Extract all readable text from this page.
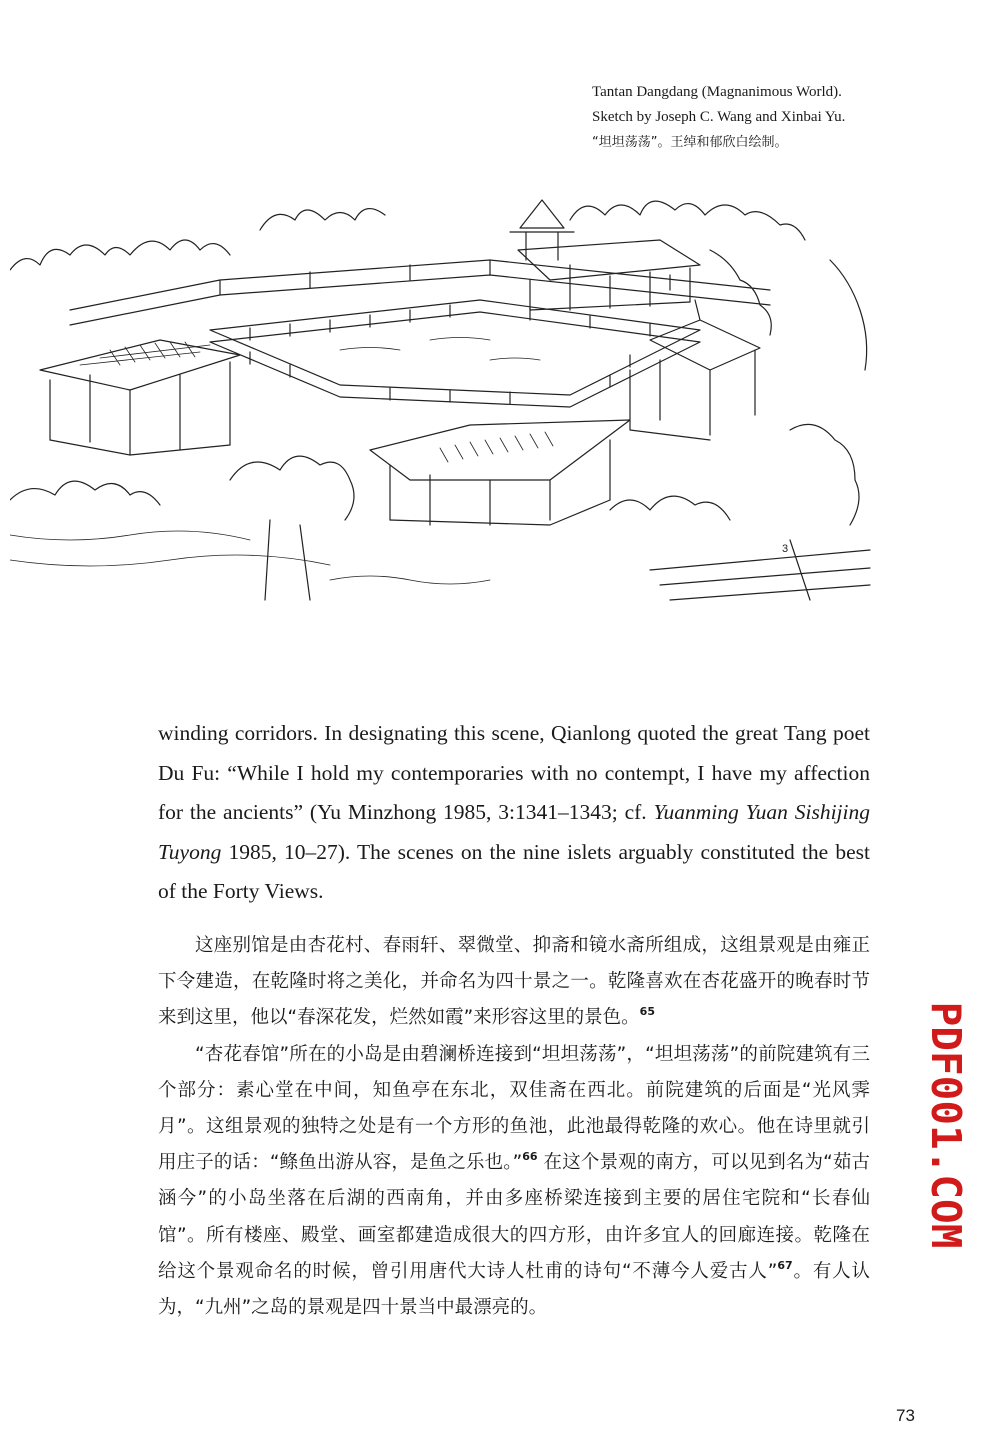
Tantan Dangdang (Magnanimous World).
Sketch by Joseph C. Wang and Xinbai Yu.
“坦坦荡荡”。王绰和郁欣白绘制。
3

winding corridors. In designating this scene, Qianlong quoted the great Tang poet Du Fu: “While I hold my contemporaries with no contempt, I have my affection for the ancients” (Yu Minzhong 1985, 3:1341–1343; cf. Yuanming Yuan Sishijing Tuyong 1985, 10–27). The scenes on the nine islets arguably constituted the best of the Forty Views.

这座别馆是由杏花村、春雨轩、翠微堂、抑斋和镜水斋所组成，这组景观是由雍正下令建造，在乾隆时将之美化，并命名为四十景之一。乾隆喜欢在杏花盛开的晚春时节来到这里，他以“春深花发，烂然如霞”来形容这里的景色。$^{65}$

“杏花春馆”所在的小岛是由碧澜桥连接到“坦坦荡荡”，“坦坦荡荡”的前院建筑有三个部分：素心堂在中间，知鱼亭在东北，双佳斋在西北。前院建筑的后面是“光风霁月”。这组景观的独特之处是有一个方形的鱼池，此池最得乾隆的欢心。他在诗里就引用庄子的话：“鲦鱼出游从容，是鱼之乐也。”$^{66}$ 在这个景观的南方，可以见到名为“茹古涵今”的小岛坐落在后湖的西南角，并由多座桥梁连接到主要的居住宅院和“长春仙馆”。所有楼座、殿堂、画室都建造成很大的四方形，由许多宜人的回廊连接。乾隆在给这个景观命名的时候，曾引用唐代大诗人杜甫的诗句“不薄今人爱古人”$^{67}$。有人认为，“九州”之岛的景观是四十景当中最漂亮的。

PDF001.COM
73
